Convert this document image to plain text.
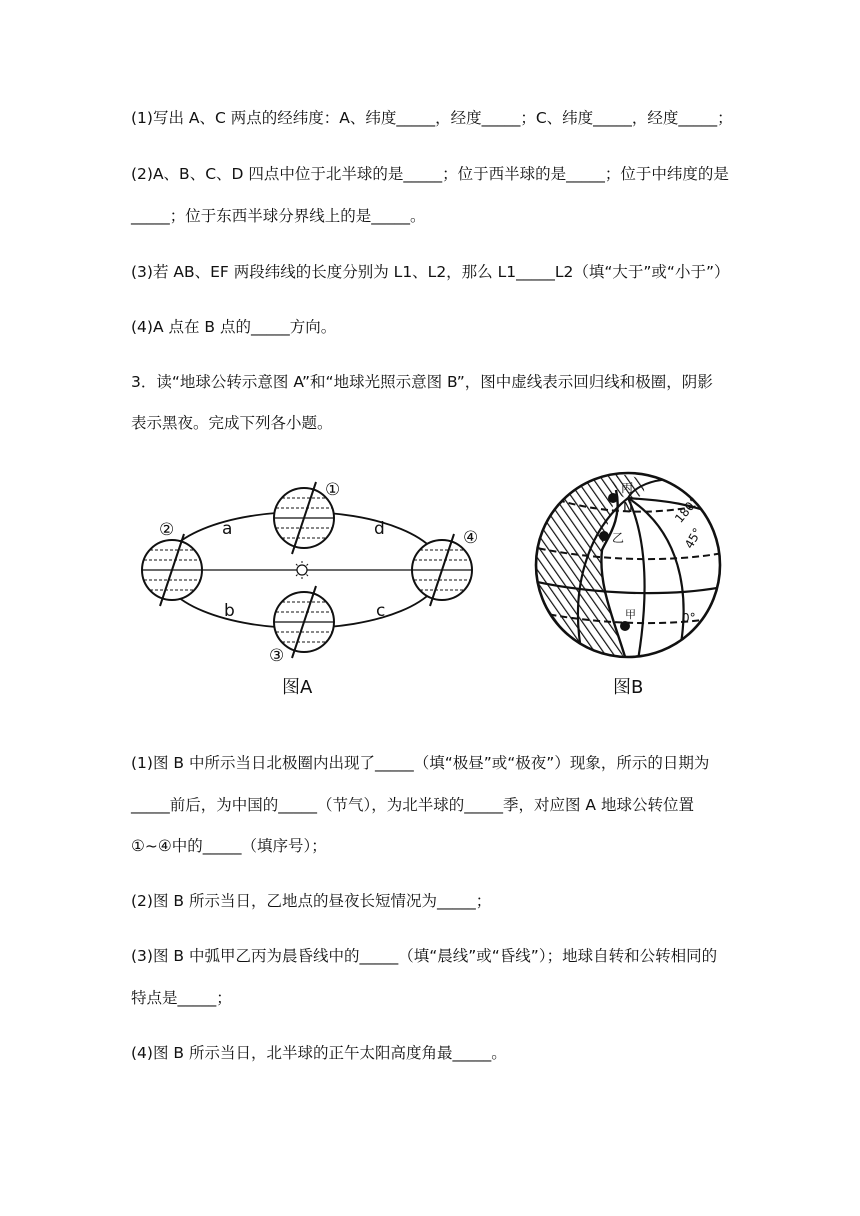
(1)写出 A、C 两点的经纬度：A、纬度_____，经度_____；C、纬度_____，经度_____；
(2)A、B、C、D 四点中位于北半球的是_____；位于西半球的是_____；位于中纬度的是
_____；位于东西半球分界线上的是_____。
(3)若 AB、EF 两段纬线的长度分别为 L1、L2，那么 L1_____L2（填“大于”或“小于”）
(4)A 点在 B 点的_____方向。
3．读“地球公转示意图 A”和“地球光照示意图 B”，图中虚线表示回归线和极圈，阴影
表示黑夜。完成下列各小题。
①
②
③
④
a
b	c
d
图A
丙
N
乙
甲
180°
45°
0°
图B
(1)图 B 中所示当日北极圈内出现了_____（填“极昼”或“极夜”）现象，所示的日期为
_____前后，为中国的_____（节气），为北半球的_____季，对应图 A 地球公转位置
①~④中的_____（填序号）；
(2)图 B 所示当日，乙地点的昼夜长短情况为_____；
(3)图 B 中弧甲乙丙为晨昏线中的_____（填“晨线”或“昏线”）；地球自转和公转相同的
特点是_____；
(4)图 B 所示当日，北半球的正午太阳高度角最_____。
